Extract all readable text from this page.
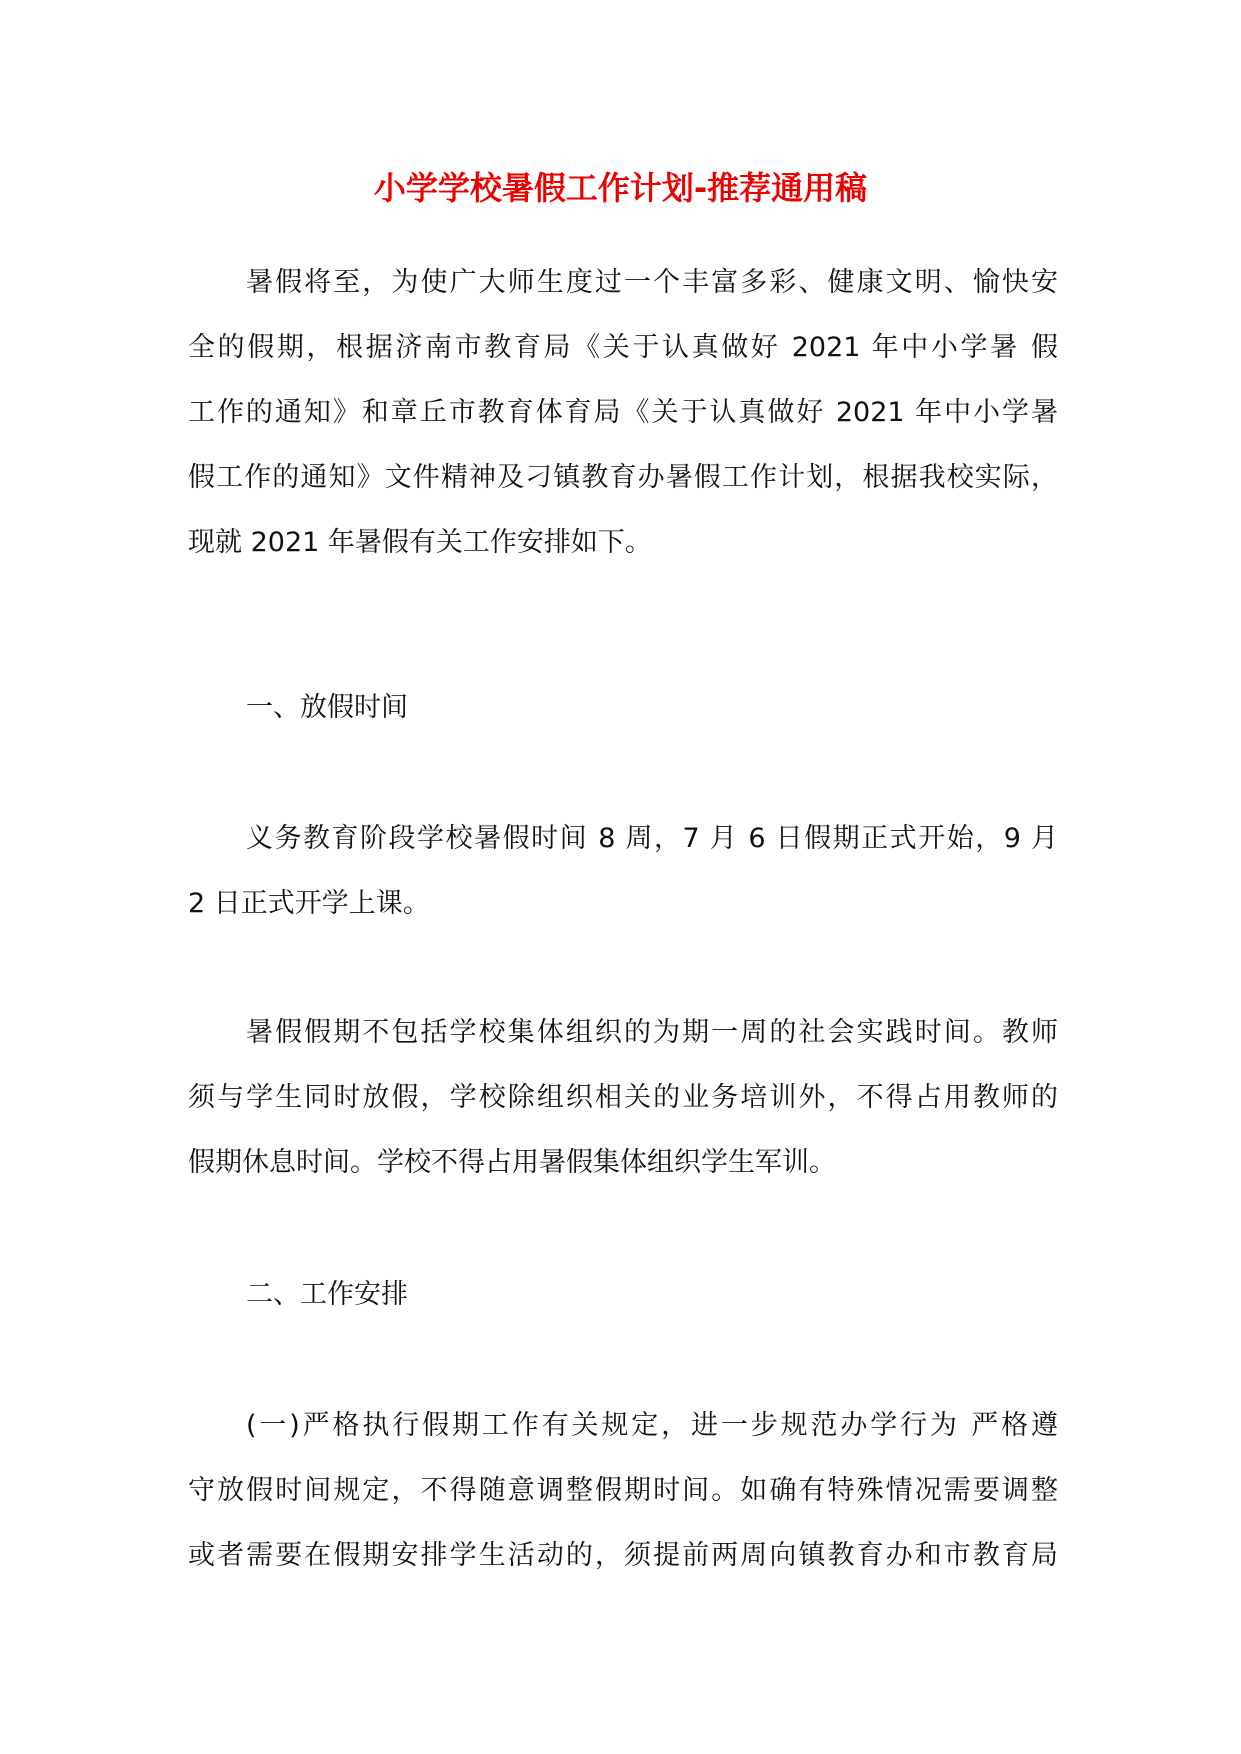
小学学校暑假工作计划-推荐通用稿
暑假将至，为使广大师生度过一个丰富多彩、健康文明、愉快安
全的假期，根据济南市教育局《关于认真做好 2021 年中小学暑 假
工作的通知》和章丘市教育体育局《关于认真做好 2021 年中小学暑
假工作的通知》文件精神及刁镇教育办暑假工作计划，根据我校实际，
现就 2021 年暑假有关工作安排如下。
一、放假时间
义务教育阶段学校暑假时间 8 周，7 月 6 日假期正式开始，9 月
2 日正式开学上课。
暑假假期不包括学校集体组织的为期一周的社会实践时间。教师
须与学生同时放假，学校除组织相关的业务培训外，不得占用教师的
假期休息时间。学校不得占用暑假集体组织学生军训。
二、工作安排
(一)严格执行假期工作有关规定，进一步规范办学行为 严格遵
守放假时间规定，不得随意调整假期时间。如确有特殊情况需要调整
或者需要在假期安排学生活动的，须提前两周向镇教育办和市教育局
